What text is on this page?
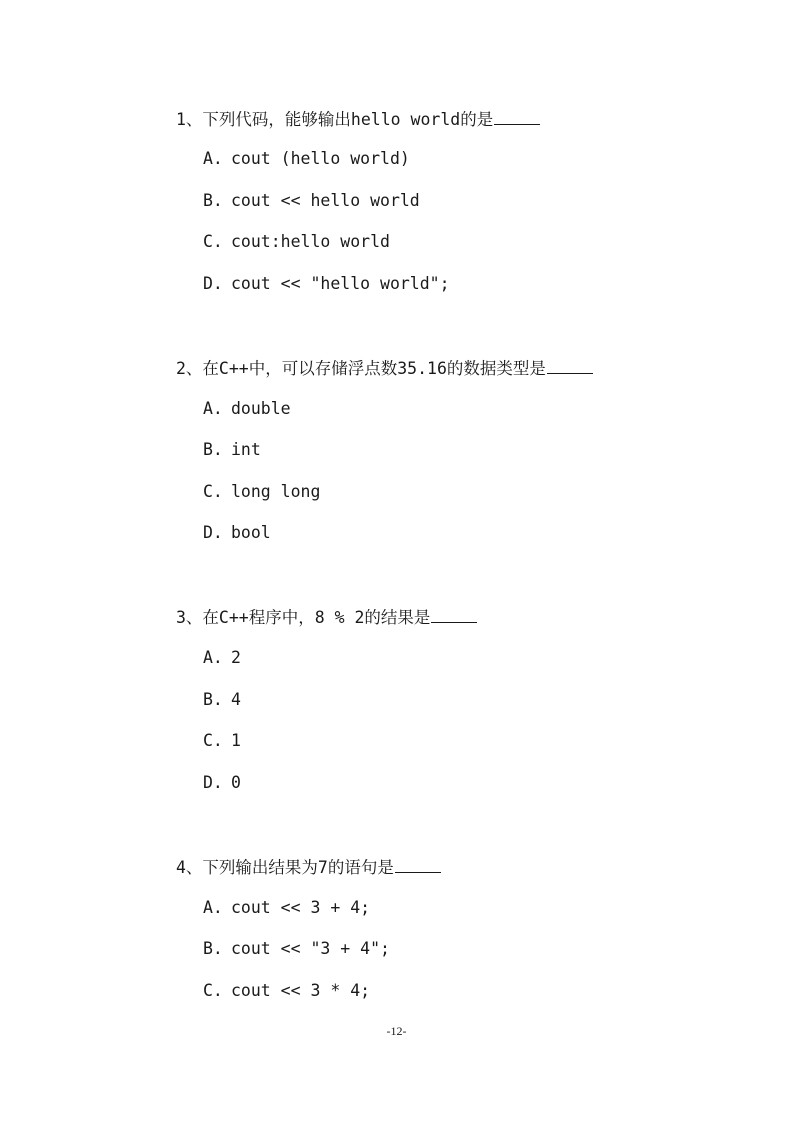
1、下列代码，能够输出hello world的是
A. cout (hello world)
B. cout << hello world
C. cout:hello world
D. cout << "hello world";
2、在C++中，可以存储浮点数35.16的数据类型是
A. double
B. int
C. long long
D. bool
3、在C++程序中，8 % 2的结果是
A. 2
B. 4
C. 1
D. 0
4、下列输出结果为7的语句是
A. cout << 3 + 4;
B. cout << "3 + 4";
C. cout << 3 * 4;
-12-
